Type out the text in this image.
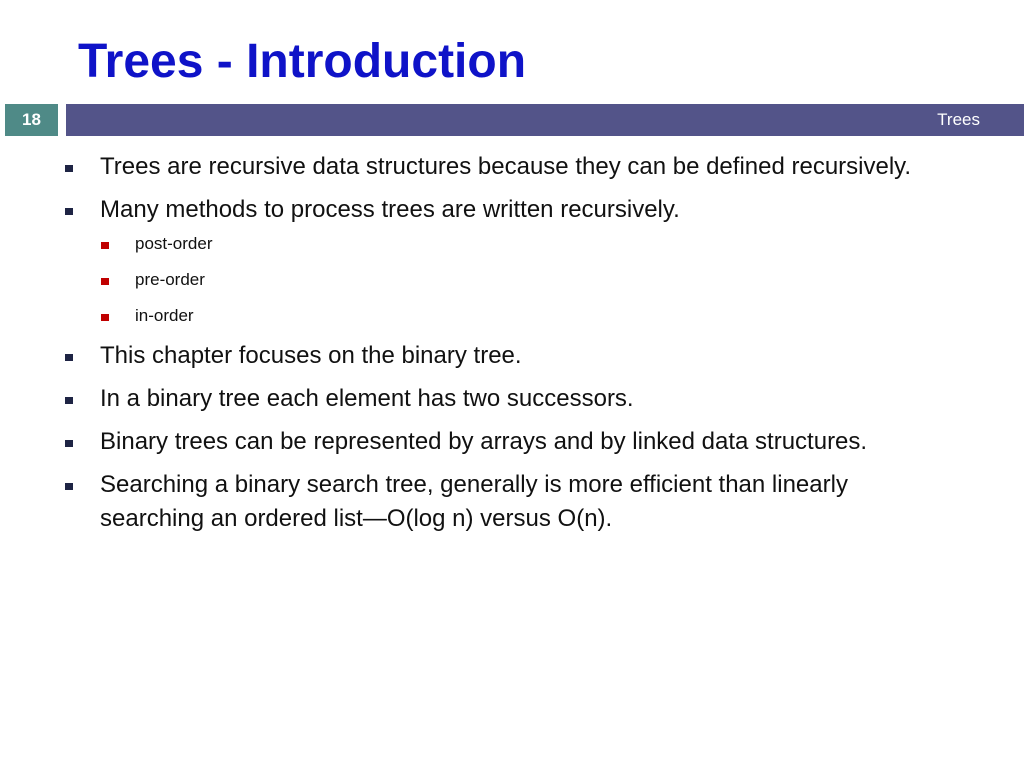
Trees - Introduction
18	Trees
Trees are recursive data structures because they can be defined recursively.
Many methods to process trees are written recursively.
post-order
pre-order
in-order
This chapter focuses on the binary tree.
In a binary tree each element has two successors.
Binary trees can be represented by arrays and by linked data structures.
Searching a binary search tree, generally is more efficient than linearly searching an ordered list—O(log n) versus O(n).
